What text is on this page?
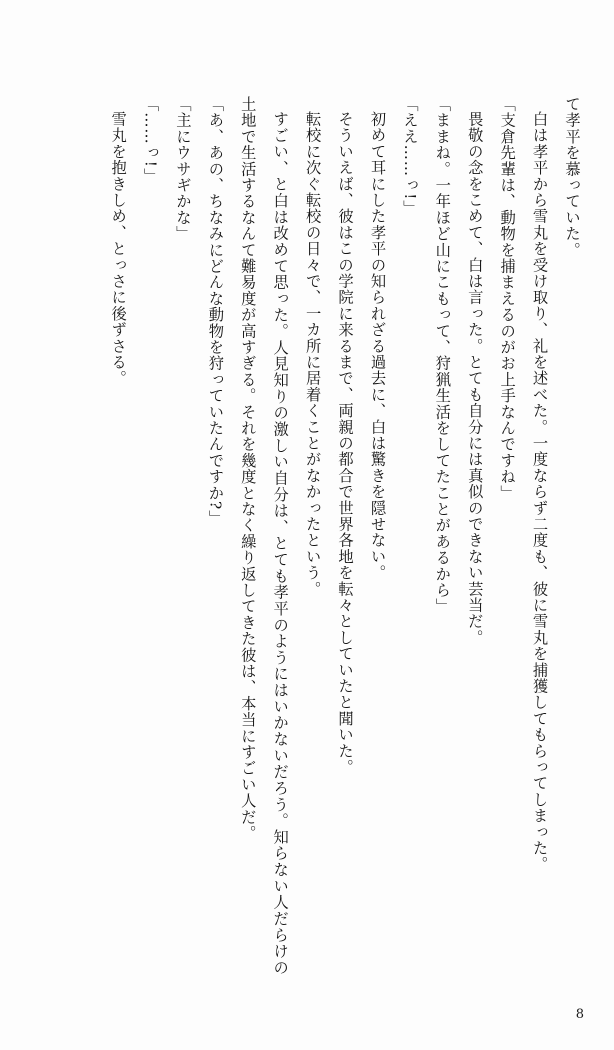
て孝平を慕っていた。

白は孝平から雪丸を受け取り、礼を述べた。一度ならず二度も、彼に雪丸を捕獲してもらってしまった。

「支倉先輩は、動物を捕まえるのがお上手なんですね」

畏敬の念をこめて、白は言った。とても自分には真似のできない芸当だ。

「ままね。一年ほど山にこもって、狩猟生活をしてたことがあるから」

「ええ……っ!」

初めて耳にした孝平の知られざる過去に、白は驚きを隠せない。

そういえば、彼はこの学院に来るまで、両親の都合で世界各地を転々としていたと聞いた。

転校に次ぐ転校の日々で、一カ所に居着くことがなかったという。

すごい、と白は改めて思った。人見知りの激しい自分は、とても孝平のようにはいかないだろう。知らない人だらけの土地で生活するなんて難易度が高すぎる。それを幾度となく繰り返してきた彼は、本当にすごい人だ。

「あ、あの、ちなみにどんな動物を狩っていたんですか?」

「主にウサギかな」

「……っ!」

雪丸を抱きしめ、とっさに後ずさる。

8
